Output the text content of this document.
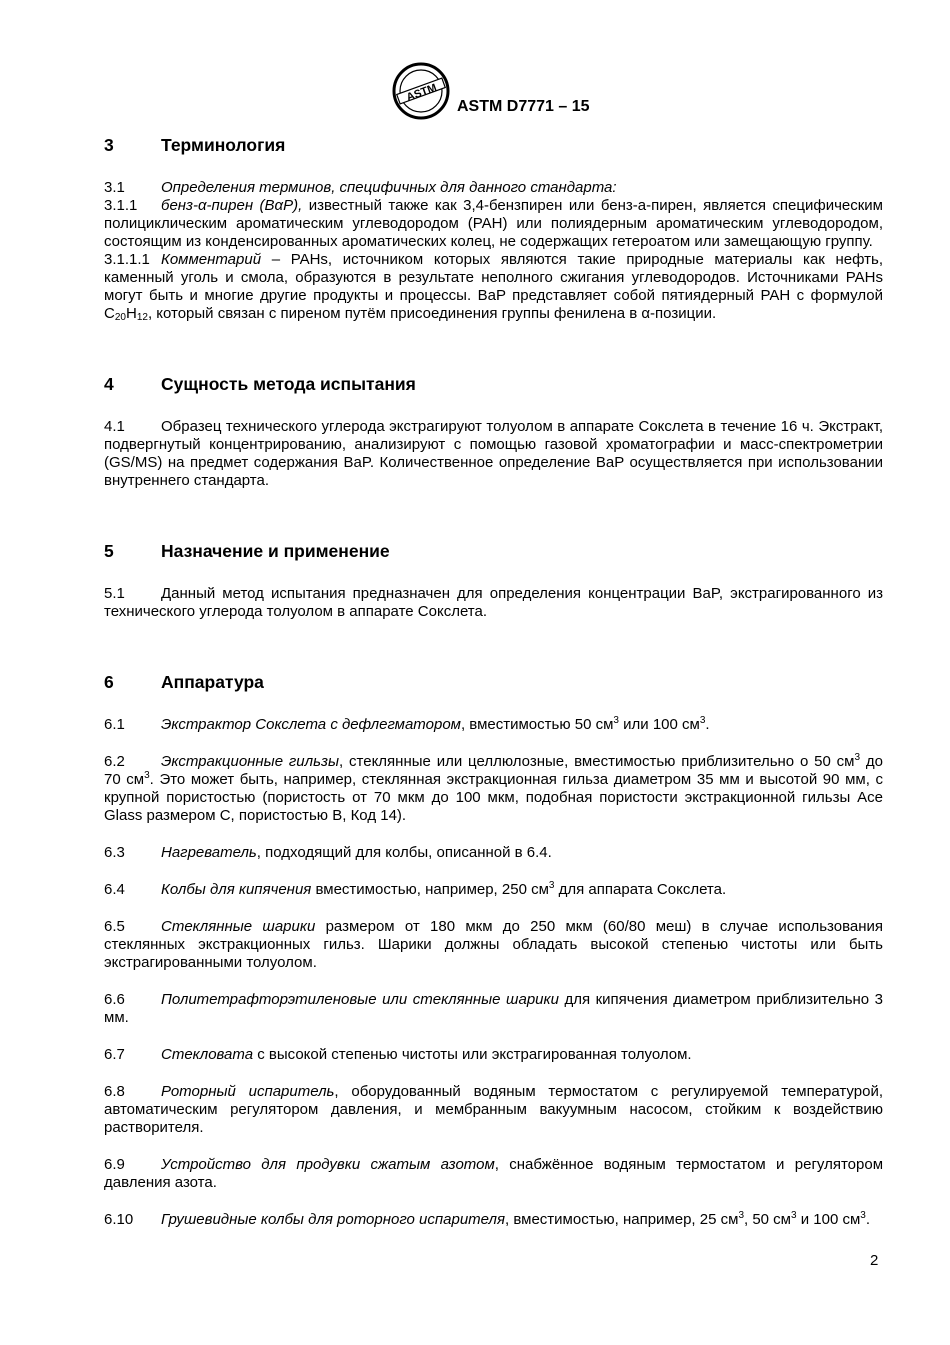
ASTM
ASTM D7771 – 15
3	Терминология

3.1 Определения терминов, специфичных для данного стандарта:

3.1.1 бенз-α-пирен (BαP), известный также как 3,4-бензпирен или бенз-а-пирен, является специфическим полициклическим ароматическим углеводородом (PAH) или полиядерным ароматическим углеводородом, состоящим из конденсированных ароматических колец, не содержащих гетероатом или замещающую группу.

3.1.1.1 Комментарий – PAHs, источником которых являются такие природные материалы как нефть, каменный уголь и смола, образуются в результате неполного сжигания углеводородов. Источниками PAHs могут быть и многие другие продукты и процессы. BaP представляет собой пятиядерный PAH с формулой $C_{20}H_{12}$, который связан с пиреном путём присоединения группы фенилена в α-позиции.

4	Сущность метода испытания

4.1 Образец технического углерода экстрагируют толуолом в аппарате Сокслета в течение 16 ч. Экстракт, подвергнутый концентрированию, анализируют с помощью газовой хроматографии и масс-спектрометрии (GS/MS) на предмет содержания BaP. Количественное определение BaP осуществляется при использовании внутреннего стандарта.

5	Назначение и применение

5.1 Данный метод испытания предназначен для определения концентрации BaP, экстрагированного из технического углерода толуолом в аппарате Сокслета.

6	Аппаратура

6.1 Экстрактор Сокслета с дефлегматором, вместимостью 50 $см^3$ или 100 $см^3$.

6.2 Экстракционные гильзы, стеклянные или целлюлозные, вместимостью приблизительно о 50 $см^3$ до 70 $см^3$. Это может быть, например, стеклянная экстракционная гильза диаметром 35 мм и высотой 90 мм, с крупной пористостью (пористость от 70 мкм до 100 мкм, подобная пористости экстракционной гильзы Ace Glass размером C, пористостью B, Код 14).

6.3 Нагреватель, подходящий для колбы, описанной в 6.4.

6.4 Колбы для кипячения вместимостью, например, 250 $см^3$ для аппарата Сокслета.

6.5 Стеклянные шарики размером от 180 мкм до 250 мкм (60/80 меш) в случае использования стеклянных экстракционных гильз. Шарики должны обладать высокой степенью чистоты или быть экстрагированными толуолом.

6.6 Политетрафторэтиленовые или стеклянные шарики для кипячения диаметром приблизительно 3 мм.

6.7 Стекловата с высокой степенью чистоты или экстрагированная толуолом.

6.8 Роторный испаритель, оборудованный водяным термостатом с регулируемой температурой, автоматическим регулятором давления, и мембранным вакуумным насосом, стойким к воздействию растворителя.

6.9 Устройство для продувки сжатым азотом, снабжённое водяным термостатом и регулятором давления азота.

6.10 Грушевидные колбы для роторного испарителя, вместимостью, например, 25 $см^3$, 50 $см^3$ и 100 $см^3$.

2
